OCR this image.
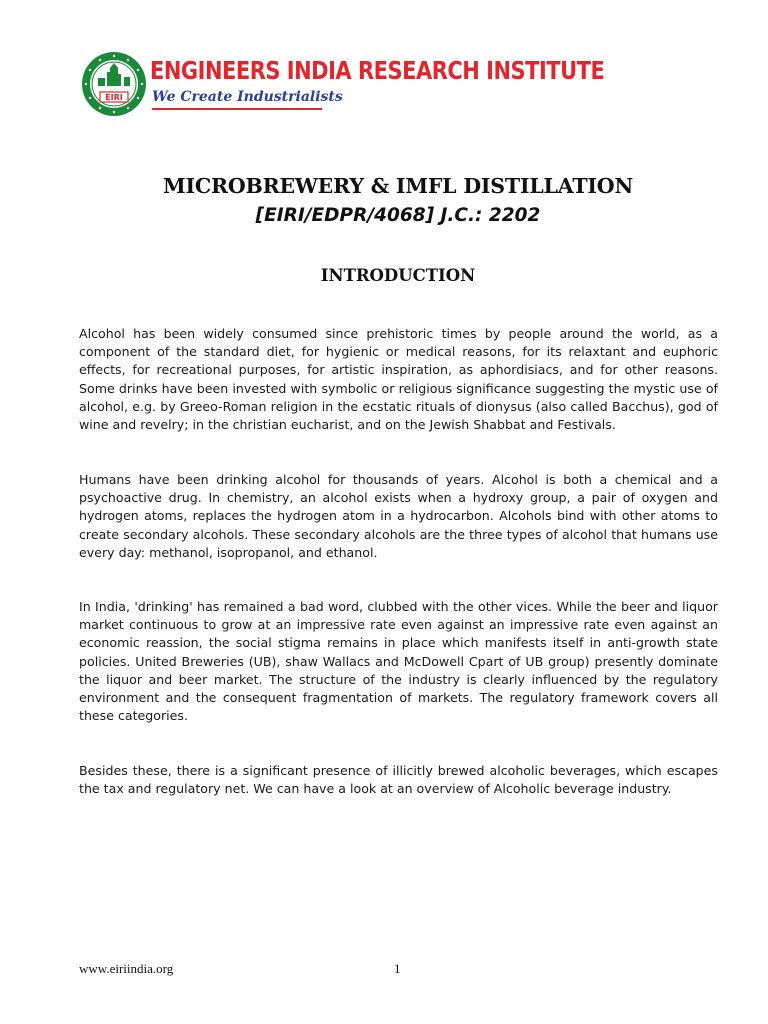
EIRI
ENGINEERS INDIA RESEARCH INSTITUTE
We Create Industrialists
MICROBREWERY & IMFL DISTILLATION
[EIRI/EDPR/4068] J.C.: 2202
INTRODUCTION

Alcohol has been widely consumed since prehistoric times by people around the world, as a component of the standard diet, for hygienic or medical reasons, for its relaxtant and euphoric effects, for recreational purposes, for artistic inspiration, as aphordisiacs, and for other reasons. Some drinks have been invested with symbolic or religious significance suggesting the mystic use of alcohol, e.g. by Greeo-Roman religion in the ecstatic rituals of dionysus (also called Bacchus), god of wine and revelry; in the christian eucharist, and on the Jewish Shabbat and Festivals.

Humans have been drinking alcohol for thousands of years. Alcohol is both a chemical and a psychoactive drug. In chemistry, an alcohol exists when a hydroxy group, a pair of oxygen and hydrogen atoms, replaces the hydrogen atom in a hydrocarbon. Alcohols bind with other atoms to create secondary alcohols. These secondary alcohols are the three types of alcohol that humans use every day: methanol, isopropanol, and ethanol.

In India, 'drinking' has remained a bad word, clubbed with the other vices. While the beer and liquor market continuous to grow at an impressive rate even against an impressive rate even against an economic reassion, the social stigma remains in place which manifests itself in anti-growth state policies. United Breweries (UB), shaw Wallacs and McDowell Cpart of UB group) presently dominate the liquor and beer market. The structure of the industry is clearly influenced by the regulatory environment and the consequent fragmentation of markets. The regulatory framework covers all these categories.

Besides these, there is a significant presence of illicitly brewed alcoholic beverages, which escapes the tax and regulatory net. We can have a look at an overview of Alcoholic beverage industry.

www.eiriindia.org	1
